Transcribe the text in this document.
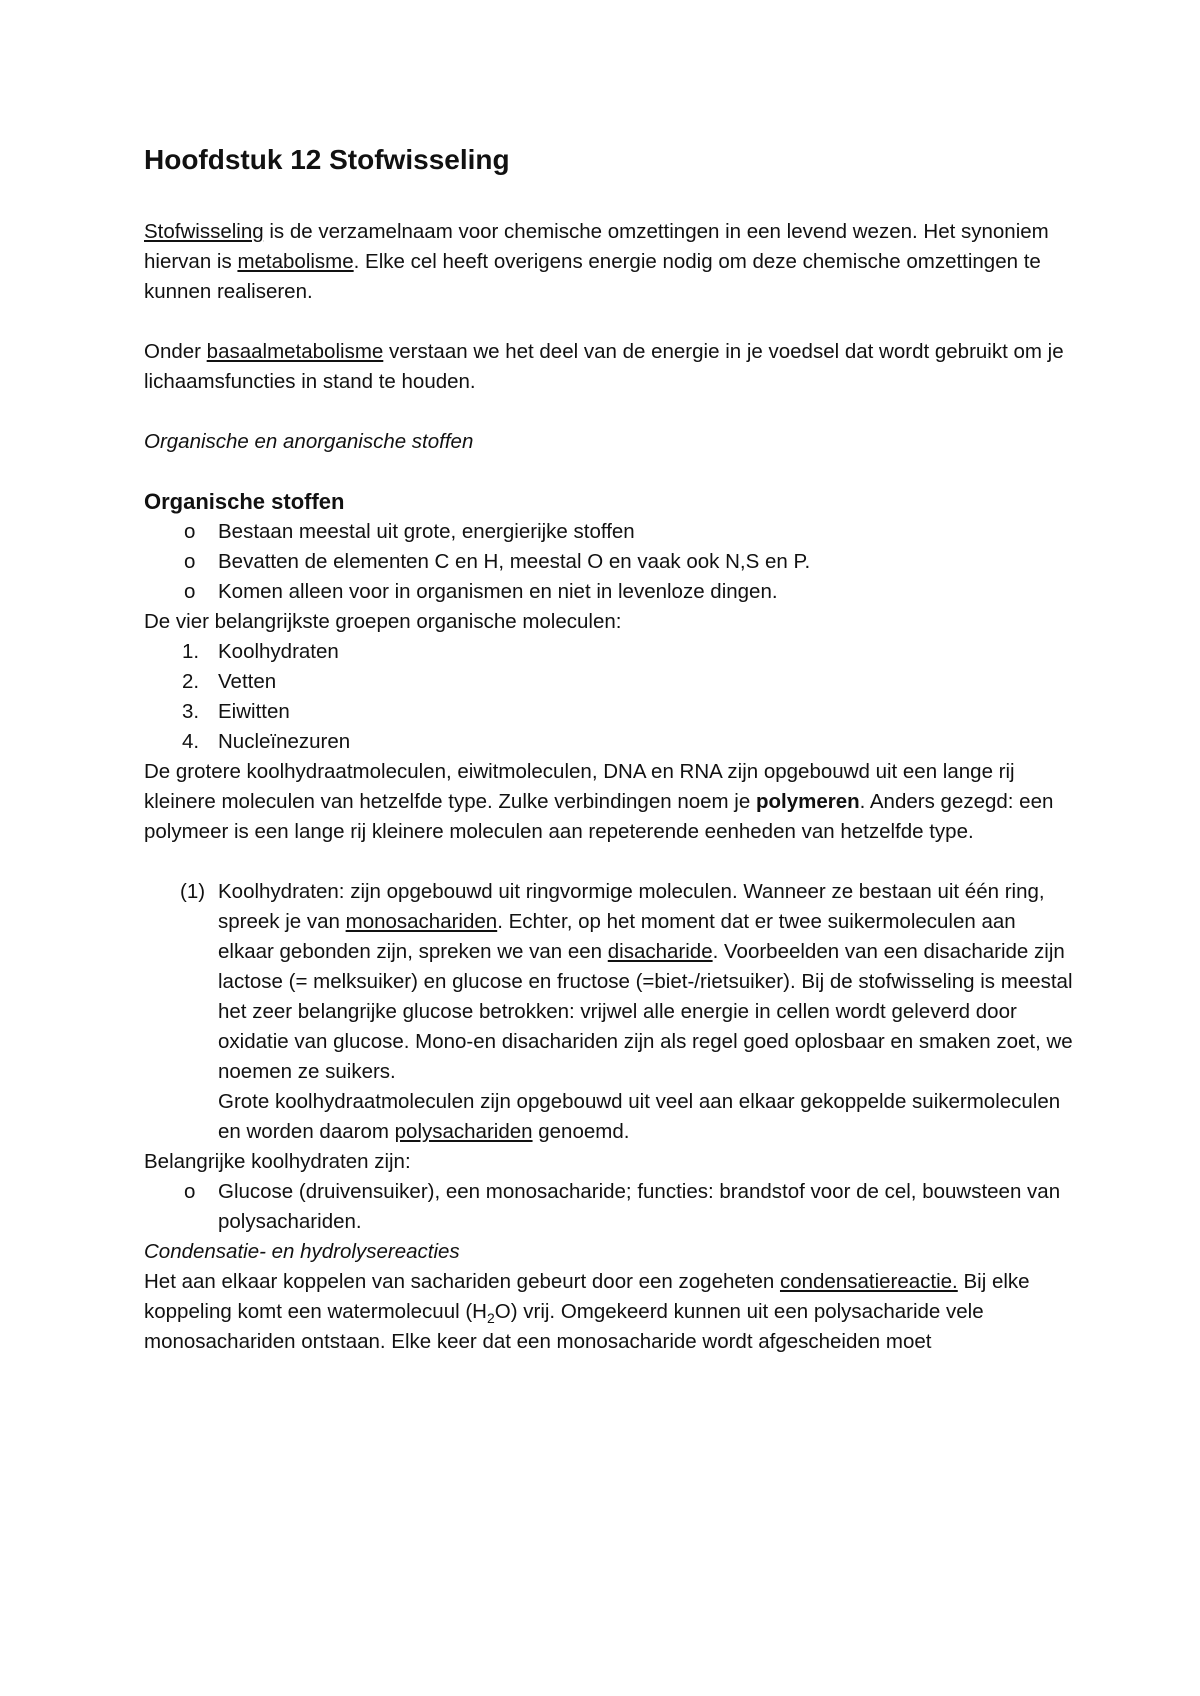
Hoofdstuk 12 Stofwisseling

Stofwisseling is de verzamelnaam voor chemische omzettingen in een levend wezen. Het synoniem hiervan is metabolisme. Elke cel heeft overigens energie nodig om deze chemische omzettingen te kunnen realiseren.

Onder basaalmetabolisme verstaan we het deel van de energie in je voedsel dat wordt gebruikt om je lichaamsfuncties in stand te houden.

Organische en anorganische stoffen

Organische stoffen

o Bestaan meestal uit grote, energierijke stoffen
o Bevatten de elementen C en H, meestal O en vaak ook N,S en P.
o Komen alleen voor in organismen en niet in levenloze dingen.

De vier belangrijkste groepen organische moleculen:

1. Koolhydraten
2. Vetten
3. Eiwitten
4. Nucleïnezuren

De grotere koolhydraatmoleculen, eiwitmoleculen, DNA en RNA zijn opgebouwd uit een lange rij kleinere moleculen van hetzelfde type. Zulke verbindingen noem je polymeren. Anders gezegd: een polymeer is een lange rij kleinere moleculen aan repeterende eenheden van hetzelfde type.

(1) Koolhydraten: zijn opgebouwd uit ringvormige moleculen. Wanneer ze bestaan uit één ring, spreek je van monosachariden. Echter, op het moment dat er twee suikermoleculen aan elkaar gebonden zijn, spreken we van een disacharide. Voorbeelden van een disacharide zijn lactose (= melksuiker) en glucose en fructose (=biet-/rietsuiker). Bij de stofwisseling is meestal het zeer belangrijke glucose betrokken: vrijwel alle energie in cellen wordt geleverd door oxidatie van glucose. Mono-en disachariden zijn als regel goed oplosbaar en smaken zoet, we noemen ze suikers.

Grote koolhydraatmoleculen zijn opgebouwd uit veel aan elkaar gekoppelde suikermoleculen en worden daarom polysachariden genoemd.

Belangrijke koolhydraten zijn:

o Glucose (druivensuiker), een monosacharide; functies: brandstof voor de cel, bouwsteen van polysachariden.

Condensatie- en hydrolysereacties

Het aan elkaar koppelen van sachariden gebeurt door een zogeheten condensatiereactie. Bij elke koppeling komt een watermolecuul $(H_2O)$ vrij. Omgekeerd kunnen uit een polysacharide vele monosachariden ontstaan. Elke keer dat een monosacharide wordt afgescheiden moet
